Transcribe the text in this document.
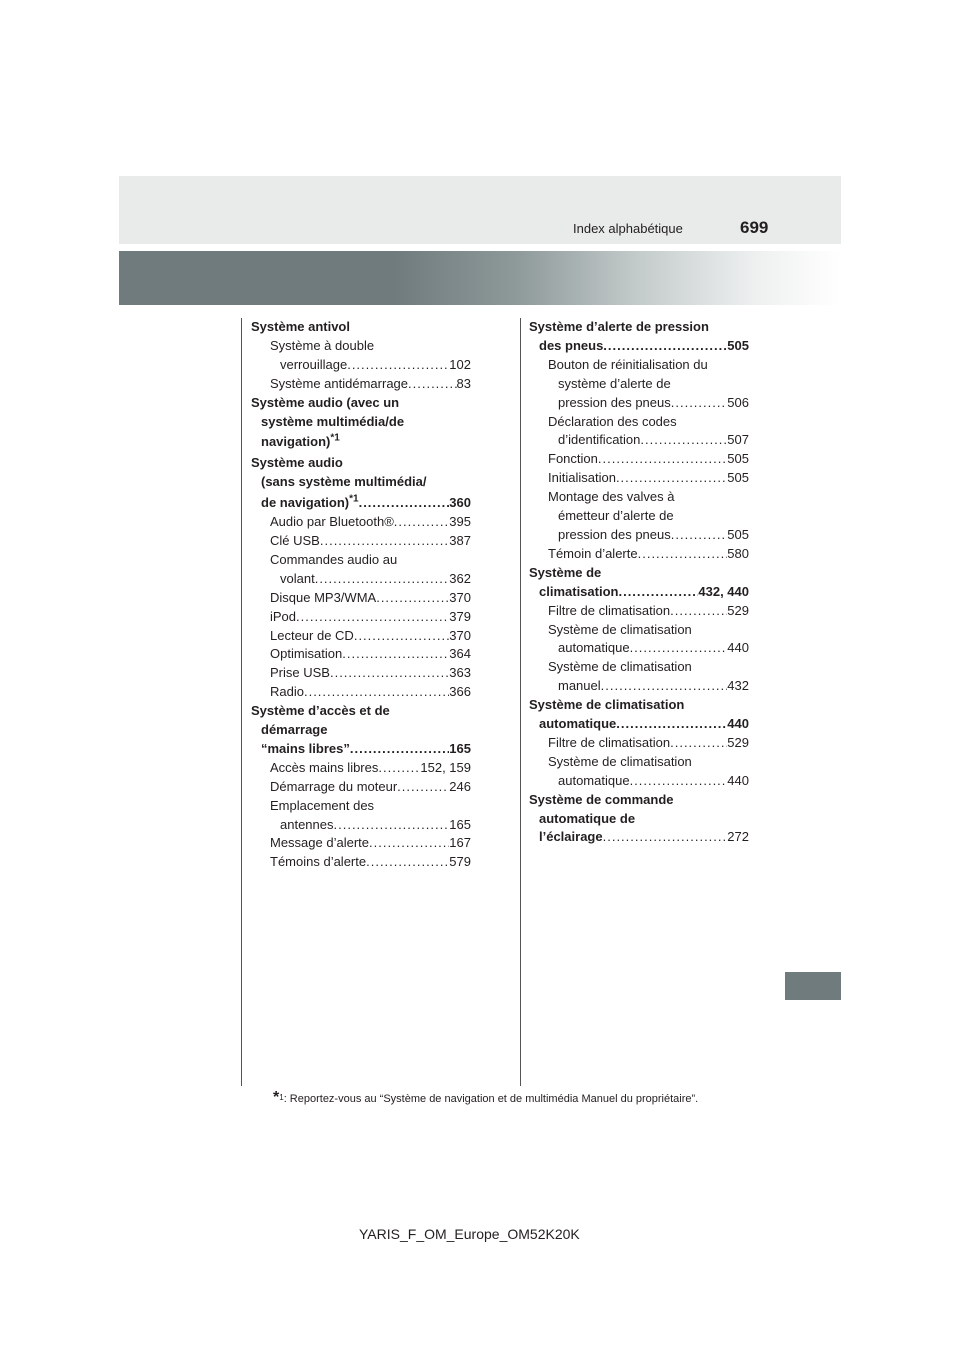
Index alphabétique	699
Système antivol
Système à double
verrouillage .....	102
Système antidémarrage .....	83
Système audio (avec un
système multimédia/de
navigation)$^{*1}$
Système audio
(sans système multimédia/
de navigation)$^{*1}$ .....	360
Audio par Bluetooth® .....	395
Clé USB .....	387
Commandes audio au
volant .....	362
Disque MP3/WMA .....	370
iPod .....	379
Lecteur de CD .....	370
Optimisation .....	364
Prise USB .....	363
Radio .....	366
Système d’accès et de
démarrage
“mains libres” .....	165
Accès mains libres .....	152, 159
Démarrage du moteur .....	246
Emplacement des
antennes .....	165
Message d’alerte .....	167
Témoins d’alerte .....	579
Système d’alerte de pression
des pneus .....	505
Bouton de réinitialisation du
système d’alerte de
pression des pneus .....	506
Déclaration des codes
d’identification .....	507
Fonction .....	505
Initialisation .....	505
Montage des valves à
émetteur d’alerte de
pression des pneus .....	505
Témoin d’alerte .....	580
Système de
climatisation .....	432, 440
Filtre de climatisation .....	529
Système de climatisation
automatique .....	440
Système de climatisation
manuel .....	432
Système de climatisation
automatique .....	440
Filtre de climatisation .....	529
Système de climatisation
automatique .....	440
Système de commande
automatique de
l’éclairage .....	272
*$^1$: Reportez-vous au “Système de navigation et de multimédia Manuel du propriétaire”.
YARIS_F_OM_Europe_OM52K20K
